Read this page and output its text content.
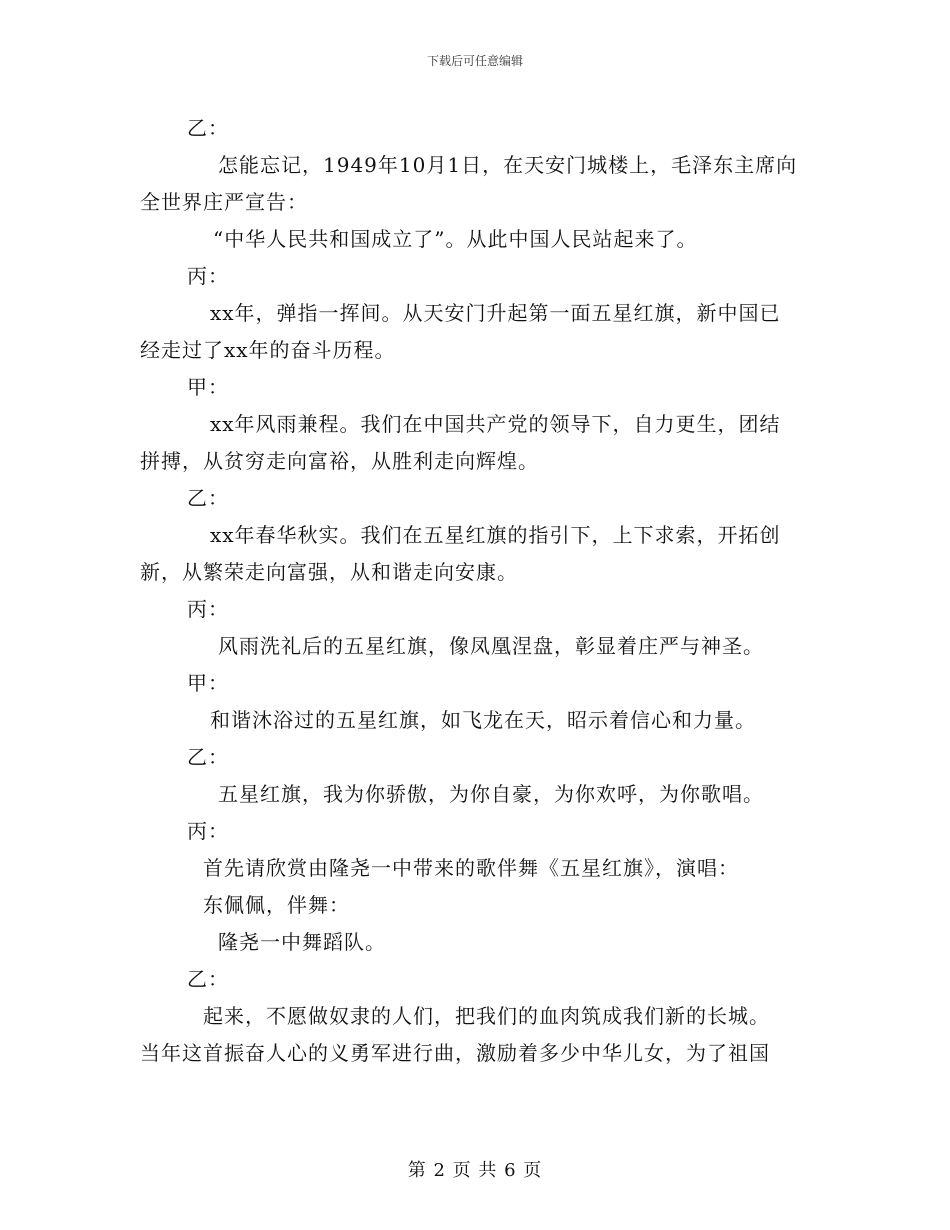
下载后可任意编辑
乙：
怎能忘记，1949年10月1日，在天安门城楼上，毛泽东主席向
全世界庄严宣告：
“中华人民共和国成立了”。从此中国人民站起来了。
丙：
xx年，弹指一挥间。从天安门升起第一面五星红旗，新中国已
经走过了xx年的奋斗历程。
甲：
xx年风雨兼程。我们在中国共产党的领导下，自力更生，团结
拼搏，从贫穷走向富裕，从胜利走向辉煌。
乙：
xx年春华秋实。我们在五星红旗的指引下，上下求索，开拓创
新，从繁荣走向富强，从和谐走向安康。
丙：
风雨洗礼后的五星红旗，像凤凰涅盘，彰显着庄严与神圣。
甲：
和谐沐浴过的五星红旗，如飞龙在天，昭示着信心和力量。
乙：
五星红旗，我为你骄傲，为你自豪，为你欢呼，为你歌唱。
丙：
首先请欣赏由隆尧一中带来的歌伴舞《五星红旗》，演唱：
东佩佩，伴舞：
隆尧一中舞蹈队。
乙：
起来，不愿做奴隶的人们，把我们的血肉筑成我们新的长城。
当年这首振奋人心的义勇军进行曲，激励着多少中华儿女，为了祖国
第 2 页 共 6 页
